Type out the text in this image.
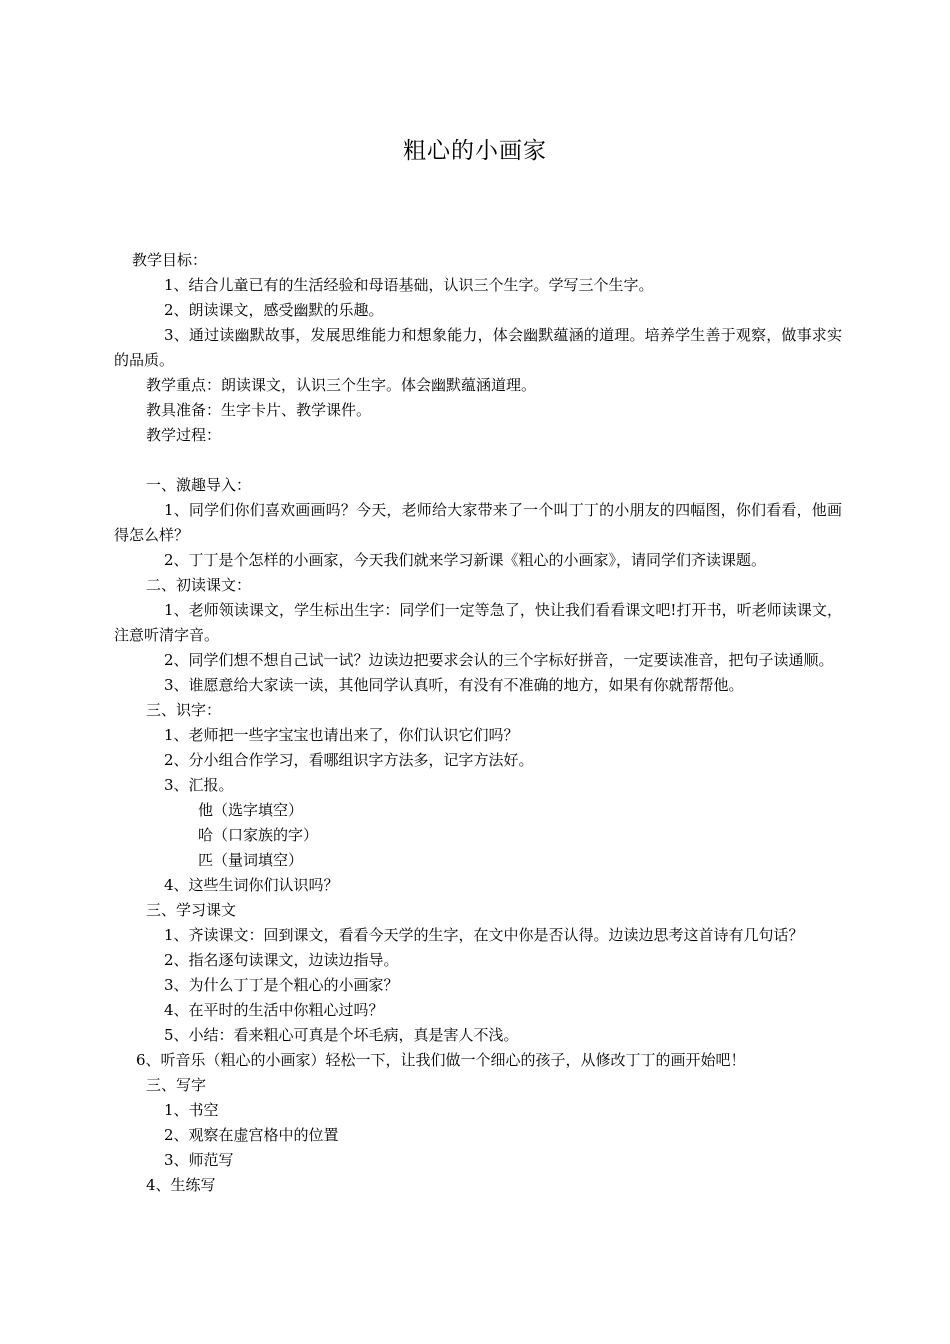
粗心的小画家

教学目标：

1、结合儿童已有的生活经验和母语基础，认识三个生字。学写三个生字。

2、朗读课文，感受幽默的乐趣。

3、通过读幽默故事，发展思维能力和想象能力，体会幽默蕴涵的道理。培养学生善于观察，做事求实的品质。

教学重点：朗读课文，认识三个生字。体会幽默蕴涵道理。

教具准备：生字卡片、教学课件。

教学过程：

一、激趣导入：

1、同学们你们喜欢画画吗？今天，老师给大家带来了一个叫丁丁的小朋友的四幅图，你们看看，他画得怎么样？

2、丁丁是个怎样的小画家，今天我们就来学习新课《粗心的小画家》，请同学们齐读课题。

二、初读课文：

1、老师领读课文，学生标出生字：同学们一定等急了，快让我们看看课文吧!打开书，听老师读课文，注意听清字音。

2、同学们想不想自己试一试？边读边把要求会认的三个字标好拼音，一定要读准音，把句子读通顺。

3、谁愿意给大家读一读，其他同学认真听，有没有不准确的地方，如果有你就帮帮他。

三、识字：

1、老师把一些字宝宝也请出来了，你们认识它们吗？

2、分小组合作学习，看哪组识字方法多，记字方法好。

3、汇报。

他（选字填空）

哈（口家族的字）

匹（量词填空）

4、这些生词你们认识吗？

三、学习课文

1、齐读课文：回到课文，看看今天学的生字，在文中你是否认得。边读边思考这首诗有几句话？

2、指名逐句读课文，边读边指导。

3、为什么丁丁是个粗心的小画家？

4、在平时的生活中你粗心过吗？

5、小结：看来粗心可真是个坏毛病，真是害人不浅。

6、听音乐（粗心的小画家）轻松一下，让我们做一个细心的孩子，从修改丁丁的画开始吧！

三、写字

1、书空

2、观察在虚宫格中的位置

3、师范写

4、生练写
